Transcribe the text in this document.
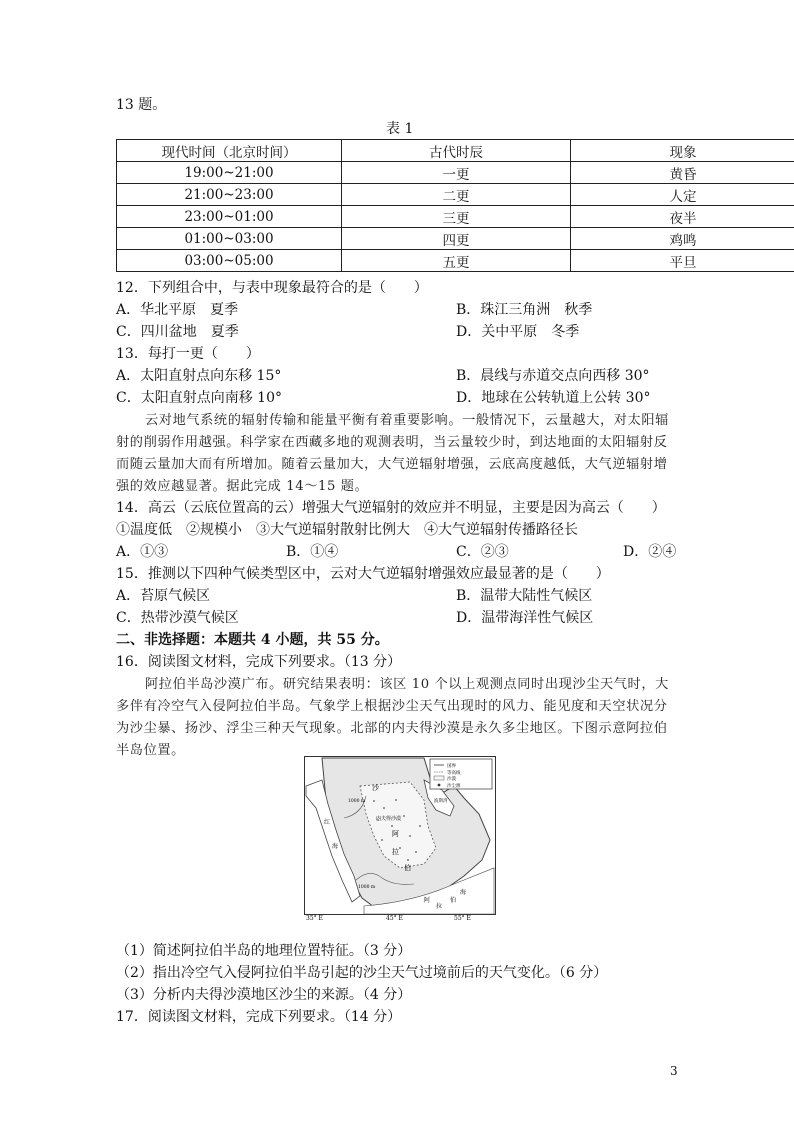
13 题。
表 1
现代时间（北京时间）	古代时辰	现象
19:00~21:00	一更	黄昏
21:00~23:00	二更	人定
23:00~01:00	三更	夜半
01:00~03:00	四更	鸡鸣
03:00~05:00	五更	平旦
12．下列组合中，与表中现象最符合的是（　　）
A．华北平原　夏季	B．珠江三角洲　秋季
C．四川盆地　夏季	D．关中平原　冬季
13．每打一更（　　）
A．太阳直射点向东移 15°	B．晨线与赤道交点向西移 30°
C．太阳直射点向南移 10°	D．地球在公转轨道上公转 30°
云对地气系统的辐射传输和能量平衡有着重要影响。一般情况下，云量越大，对太阳辐
射的削弱作用越强。科学家在西藏多地的观测表明，当云量较少时，到达地面的太阳辐射反
而随云量加大而有所增加。随着云量加大，大气逆辐射增强，云底高度越低，大气逆辐射增
强的效应越显著。据此完成 14～15 题。
14．高云（云底位置高的云）增强大气逆辐射的效应并不明显，主要是因为高云（　　）
①温度低　②规模小　③大气逆辐射散射比例大　④大气逆辐射传播路径长
A．①③	B．①④	C．②③	D．②④
15．推测以下四种气候类型区中，云对大气逆辐射增强效应最显著的是（　　）
A．苔原气候区	B．温带大陆性气候区
C．热带沙漠气候区	D．温带海洋性气候区
二、非选择题：本题共 4 小题，共 55 分。
16．阅读图文材料，完成下列要求。（13 分）
阿拉伯半岛沙漠广布。研究结果表明：该区 10 个以上观测点同时出现沙尘天气时，大
多伴有冷空气入侵阿拉伯半岛。气象学上根据沙尘天气出现时的风力、能见度和天空状况分
为沙尘暴、扬沙、浮尘三种天气现象。北部的内夫得沙漠是永久多尘地区。下图示意阿拉伯
半岛位置。
国界
等高线
沙漠
沙尘源
沙
内夫得沙漠
红
海
阿
拉
伯
阿
拉
伯
海
1000 m
1000 m
波斯湾
35° E	45° E	55° E
（1）简述阿拉伯半岛的地理位置特征。（3 分）
（2）指出冷空气入侵阿拉伯半岛引起的沙尘天气过境前后的天气变化。（6 分）
（3）分析内夫得沙漠地区沙尘的来源。（4 分）
17．阅读图文材料，完成下列要求。（14 分）
3
